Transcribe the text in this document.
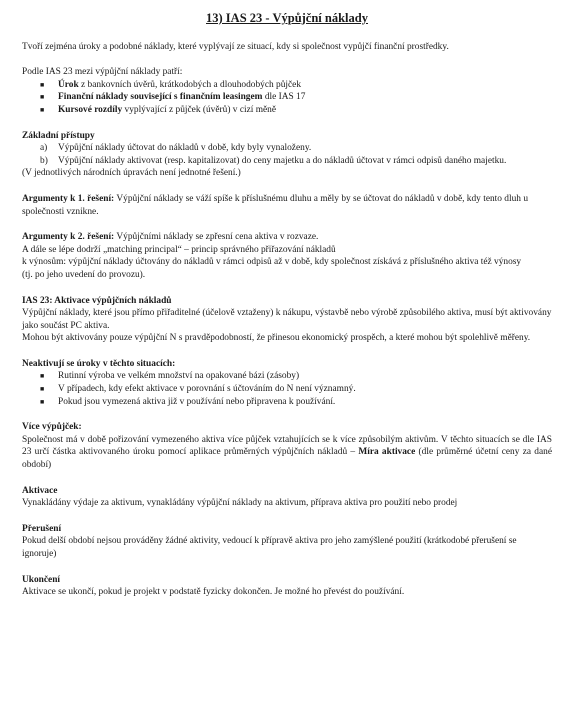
13) IAS 23 - Výpůjční náklady

Tvoří zejména úroky a podobné náklady, které vyplývají ze situací, kdy si společnost vypůjčí finanční prostředky.

Podle IAS 23 mezi výpůjční náklady patří:

■ Úrok z bankovních úvěrů, krátkodobých a dlouhodobých půjček
■ Finanční náklady související s finančním leasingem dle IAS 17
■ Kursové rozdíly vyplývající z půjček (úvěrů) v cizí měně

Základní přístupy

a)	Výpůjční náklady účtovat do nákladů v době, kdy byly vynaloženy.
b)	Výpůjční náklady aktivovat (resp. kapitalizovat) do ceny majetku a do nákladů účtovat v rámci odpisů daného majetku.

(V jednotlivých národních úpravách není jednotné řešení.)

Argumenty k 1. řešení: Výpůjční náklady se váží spíše k příslušnému dluhu a měly by se účtovat do nákladů v době, kdy tento dluh u společnosti vznikne.

Argumenty k 2. řešení: Výpůjčními náklady se zpřesní cena aktiva v rozvaze.

A dále se lépe dodrží „matching principal“ – princip správného přiřazování nákladů

k výnosům: výpůjční náklady účtovány do nákladů v rámci odpisů až v době, kdy společnost získává z příslušného aktiva též výnosy

(tj. po jeho uvedení do provozu).

IAS 23: Aktivace výpůjčních nákladů

Výpůjční náklady, které jsou přímo přiřaditelné (účelově vztaženy) k nákupu, výstavbě nebo výrobě způsobilého aktiva, musí být aktivovány jako součást PC aktiva.

Mohou být aktivovány pouze výpůjční N s pravděpodobností, že přinesou ekonomický prospěch, a které mohou být spolehlivě měřeny.

Neaktivují se úroky v těchto situacích:

■ Rutinní výroba ve velkém množství na opakované bázi (zásoby)
■ V případech, kdy efekt aktivace v porovnání s účtováním do N není významný.
■ Pokud jsou vymezená aktiva již v používání nebo připravena k používání.

Více výpůjček:

Společnost má v době pořizování vymezeného aktiva více půjček vztahujících se k více způsobilým aktivům. V těchto situacích se dle IAS 23 určí částka aktivovaného úroku pomocí aplikace průměrných výpůjčních nákladů – Míra aktivace (dle průměrné účetní ceny za dané období)

Aktivace

Vynakládány výdaje za aktivum, vynakládány výpůjční náklady na aktivum, příprava aktiva pro použití nebo prodej

Přerušení

Pokud delší období nejsou prováděny žádné aktivity, vedoucí k přípravě aktiva pro jeho zamýšlené použití (krátkodobé přerušení se ignoruje)

Ukončení

Aktivace se ukončí, pokud je projekt v podstatě fyzicky dokončen. Je možné ho převést do používání.
